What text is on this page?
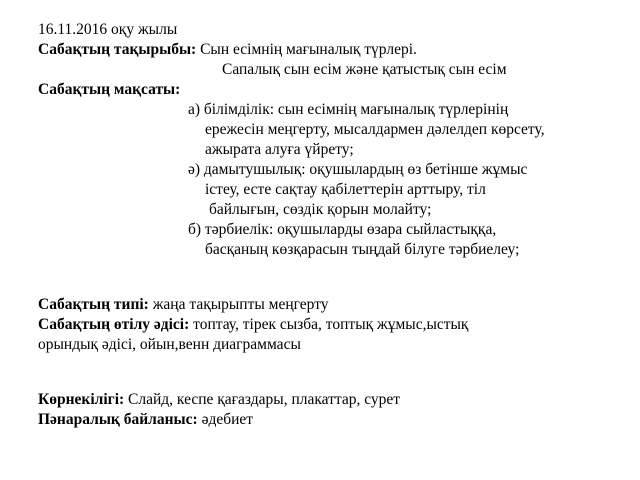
16.11.2016 оқу жылы
Сабақтың тақырыбы: Сын есімнің мағыналық түрлері.
Сапалық сын есім және қатыстық сын есім
Сабақтың мақсаты:
а) білімділік: сын есімнің мағыналық түрлерінің
ережесін меңгерту, мысалдармен дәлелдеп көрсету,
ажырата алуға үйрету;
ә) дамытушылық: оқушылардың өз бетінше жұмыс
істеу, есте сақтау қабілеттерін арттыру, тіл
байлығын, сөздік қорын молайту;
б) тәрбиелік: оқушыларды өзара сыйластыққа,
басқаның көзқарасын тыңдай білуге тәрбиелеу;
Сабақтың типі: жаңа тақырыпты меңгерту
Сабақтың өтілу әдісі: топтау, тірек сызба, топтық жұмыс,ыстық
орындық әдісі, ойын,венн диаграммасы
Көрнекілігі: Слайд, кеспе қағаздары, плакаттар, сурет
Пәнаралық байланыс: әдебиет
